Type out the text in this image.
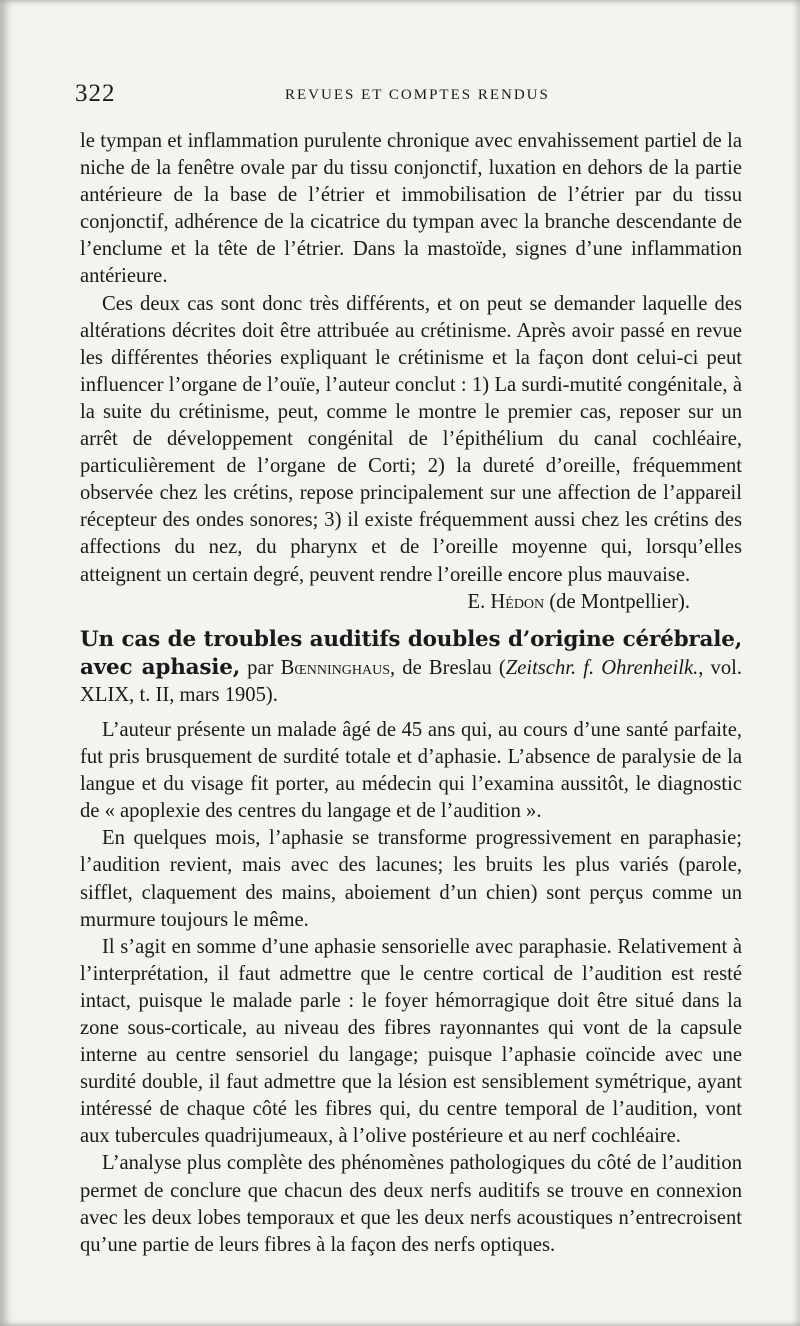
322	REVUES ET COMPTES RENDUS

le tympan et inflammation purulente chronique avec envahissement partiel de la niche de la fenêtre ovale par du tissu conjonctif, luxation en dehors de la partie antérieure de la base de l’étrier et immobilisation de l’étrier par du tissu conjonctif, adhérence de la cicatrice du tympan avec la branche descendante de l’enclume et la tête de l’étrier. Dans la mastoïde, signes d’une inflammation antérieure.

Ces deux cas sont donc très différents, et on peut se demander laquelle des altérations décrites doit être attribuée au crétinisme. Après avoir passé en revue les différentes théories expliquant le crétinisme et la façon dont celui-ci peut influencer l’organe de l’ouïe, l’auteur conclut : 1) La surdi-mutité congénitale, à la suite du crétinisme, peut, comme le montre le premier cas, reposer sur un arrêt de développement congénital de l’épithélium du canal cochléaire, particulièrement de l’organe de Corti; 2) la dureté d’oreille, fréquemment observée chez les crétins, repose principalement sur une affection de l’appareil récepteur des ondes sonores; 3) il existe fréquemment aussi chez les crétins des affections du nez, du pharynx et de l’oreille moyenne qui, lorsqu’elles atteignent un certain degré, peuvent rendre l’oreille encore plus mauvaise.

E. Hédon (de Montpellier).

Un cas de troubles auditifs doubles d’origine cérébrale, avec aphasie, par Bœnninghaus, de Breslau (Zeitschr. f. Ohrenheilk., vol. XLIX, t. II, mars 1905).

L’auteur présente un malade âgé de 45 ans qui, au cours d’une santé parfaite, fut pris brusquement de surdité totale et d’aphasie. L’absence de paralysie de la langue et du visage fit porter, au médecin qui l’examina aussitôt, le diagnostic de « apoplexie des centres du langage et de l’audition ».

En quelques mois, l’aphasie se transforme progressivement en paraphasie; l’audition revient, mais avec des lacunes; les bruits les plus variés (parole, sifflet, claquement des mains, aboiement d’un chien) sont perçus comme un murmure toujours le même.

Il s’agit en somme d’une aphasie sensorielle avec paraphasie. Relativement à l’interprétation, il faut admettre que le centre cortical de l’audition est resté intact, puisque le malade parle : le foyer hémorragique doit être situé dans la zone sous-corticale, au niveau des fibres rayonnantes qui vont de la capsule interne au centre sensoriel du langage; puisque l’aphasie coïncide avec une surdité double, il faut admettre que la lésion est sensiblement symétrique, ayant intéressé de chaque côté les fibres qui, du centre temporal de l’audition, vont aux tubercules quadrijumeaux, à l’olive postérieure et au nerf cochléaire.

L’analyse plus complète des phénomènes pathologiques du côté de l’audition permet de conclure que chacun des deux nerfs auditifs se trouve en connexion avec les deux lobes temporaux et que les deux nerfs acoustiques n’entrecroisent qu’une partie de leurs fibres à la façon des nerfs optiques.
